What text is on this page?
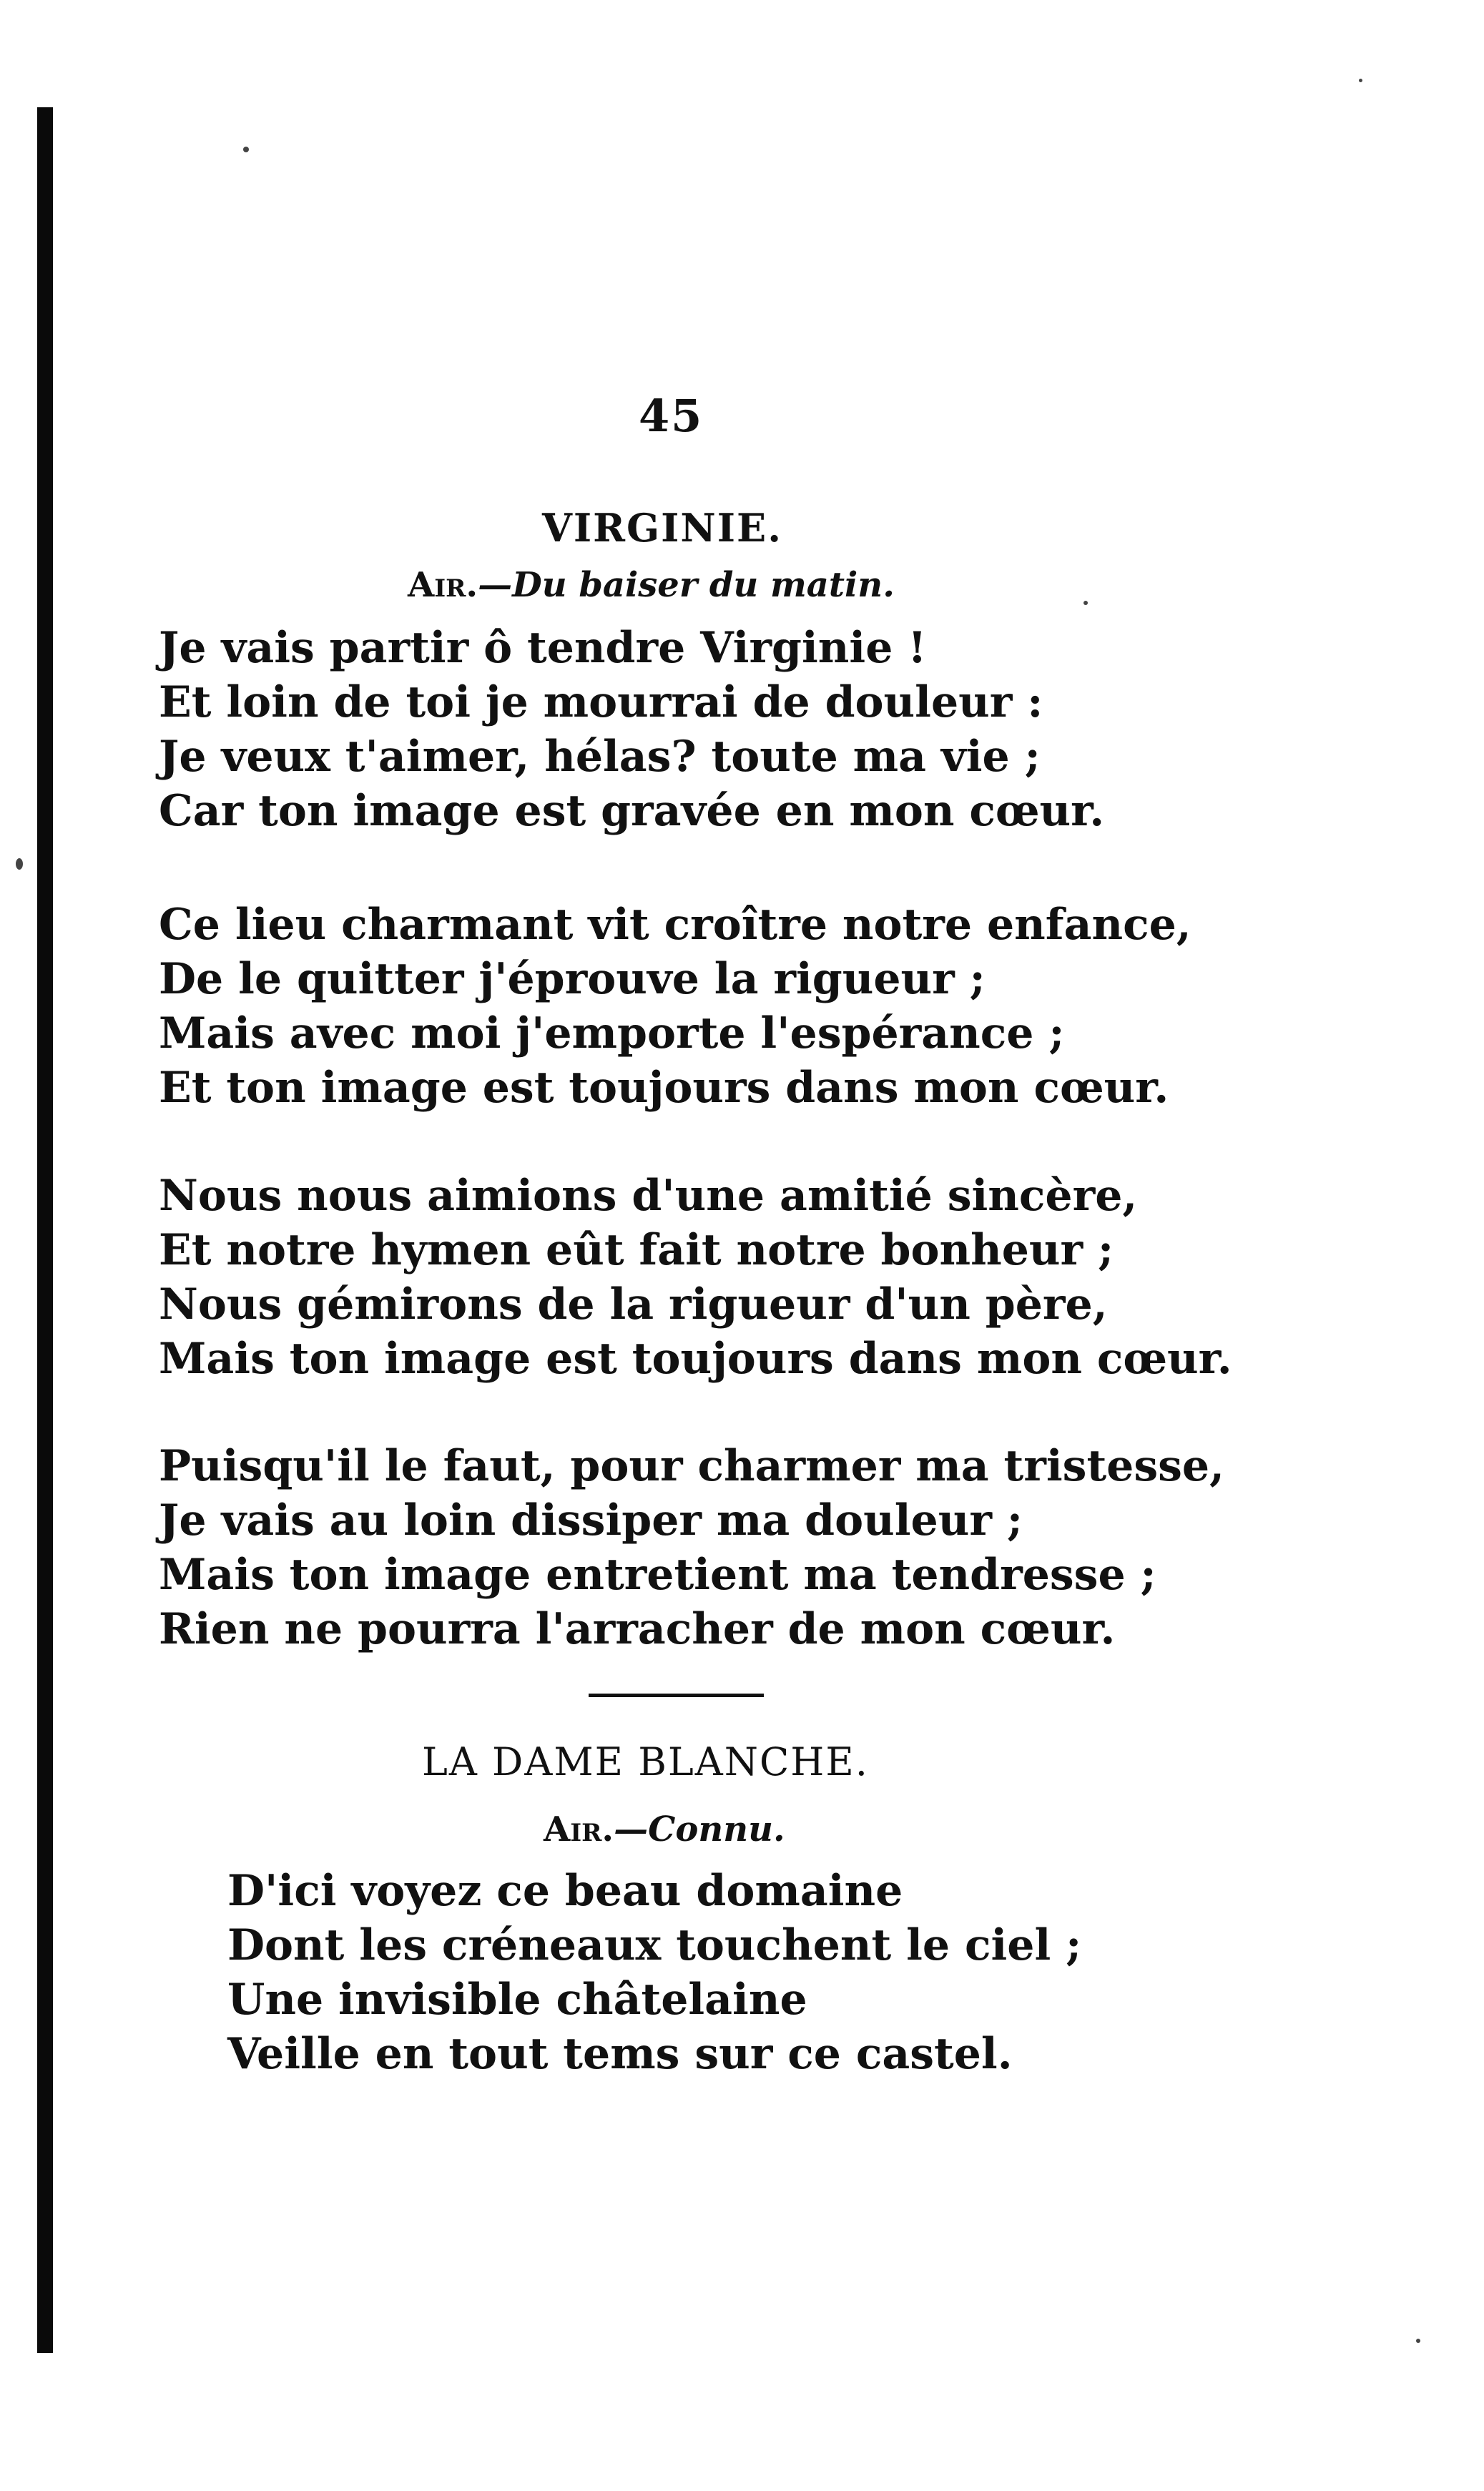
45
VIRGINIE.
Air.—Du baiser du matin.
Je vais partir ô tendre Virginie !
Et loin de toi je mourrai de douleur :
Je veux t'aimer, hélas? toute ma vie ;
Car ton image est gravée en mon cœur.
Ce lieu charmant vit croître notre enfance,
De le quitter j'éprouve la rigueur ;
Mais avec moi j'emporte l'espérance ;
Et ton image est toujours dans mon cœur.
Nous nous aimions d'une amitié sincère,
Et notre hymen eût fait notre bonheur ;
Nous gémirons de la rigueur d'un père,
Mais ton image est toujours dans mon cœur.
Puisqu'il le faut, pour charmer ma tristesse,
Je vais au loin dissiper ma douleur ;
Mais ton image entretient ma tendresse ;
Rien ne pourra l'arracher de mon cœur.
LA DAME BLANCHE.
Air.—Connu.
D'ici voyez ce beau domaine
Dont les créneaux touchent le ciel ;
Une invisible châtelaine
Veille en tout tems sur ce castel.
